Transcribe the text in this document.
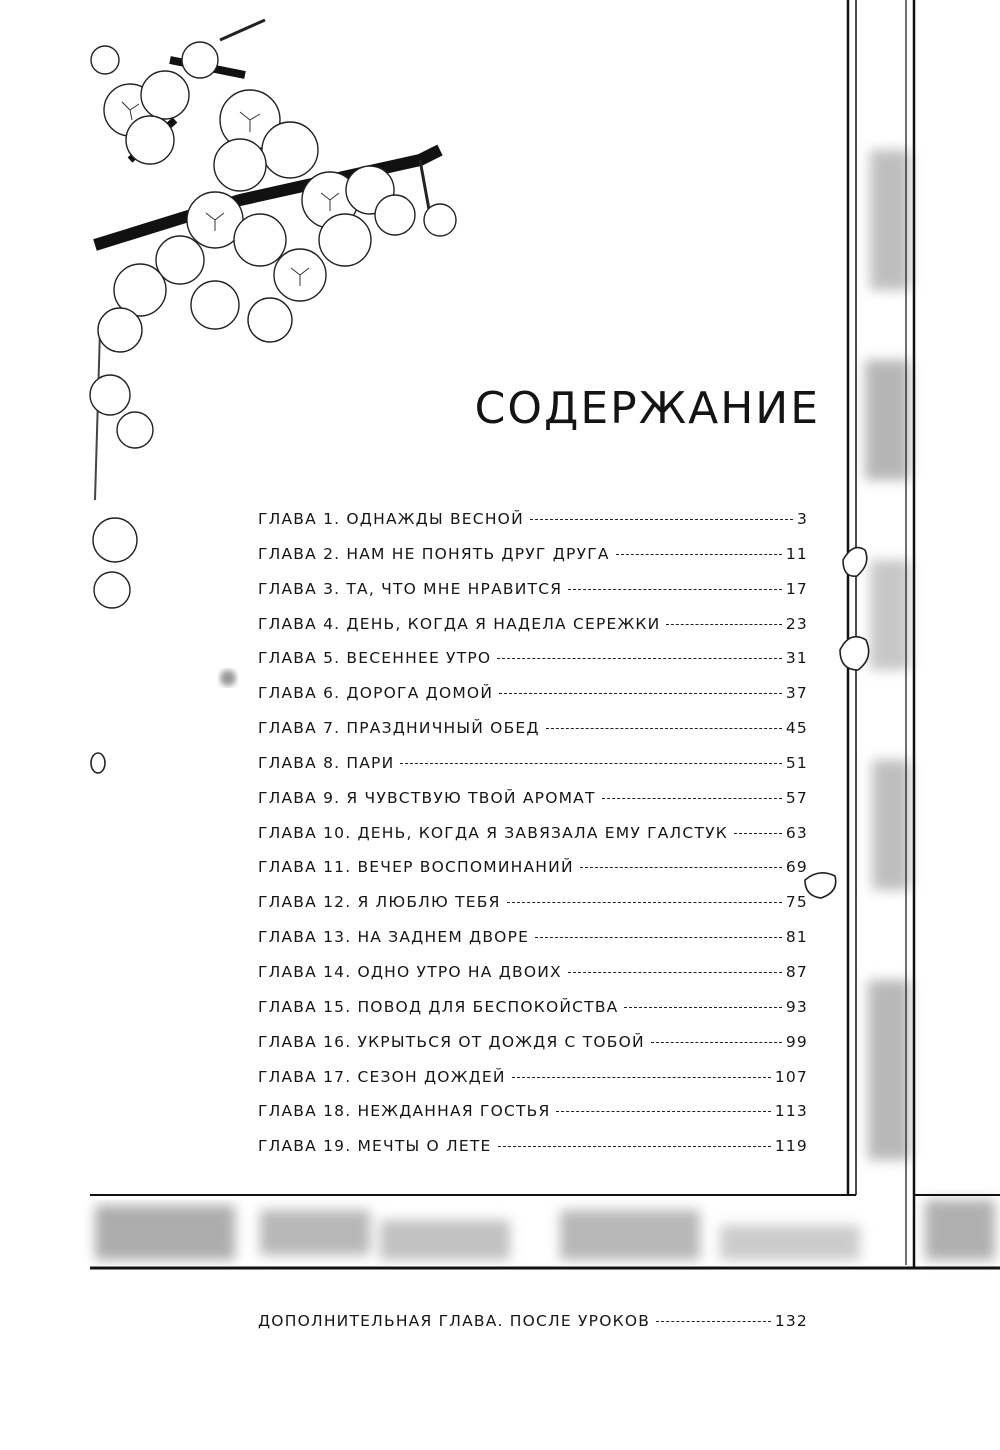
СОДЕРЖАНИЕ
ГЛАВА 1. ОДНАЖДЫ ВЕСНОЙ	3
ГЛАВА 2. НАМ НЕ ПОНЯТЬ ДРУГ ДРУГА	11
ГЛАВА 3. ТА, ЧТО МНЕ НРАВИТСЯ	17
ГЛАВА 4. ДЕНЬ, КОГДА Я НАДЕЛА СЕРЕЖКИ	23
ГЛАВА 5. ВЕСЕННЕЕ УТРО	31
ГЛАВА 6. ДОРОГА ДОМОЙ	37
ГЛАВА 7. ПРАЗДНИЧНЫЙ ОБЕД	45
ГЛАВА 8. ПАРИ	51
ГЛАВА 9. Я ЧУВСТВУЮ ТВОЙ АРОМАТ	57
ГЛАВА 10. ДЕНЬ, КОГДА Я ЗАВЯЗАЛА ЕМУ ГАЛСТУК	63
ГЛАВА 11. ВЕЧЕР ВОСПОМИНАНИЙ	69
ГЛАВА 12. Я ЛЮБЛЮ ТЕБЯ	75
ГЛАВА 13. НА ЗАДНЕМ ДВОРЕ	81
ГЛАВА 14. ОДНО УТРО НА ДВОИХ	87
ГЛАВА 15. ПОВОД ДЛЯ БЕСПОКОЙСТВА	93
ГЛАВА 16. УКРЫТЬСЯ ОТ ДОЖДЯ С ТОБОЙ	99
ГЛАВА 17. СЕЗОН ДОЖДЕЙ	107
ГЛАВА 18. НЕЖДАННАЯ ГОСТЬЯ	113
ГЛАВА 19. МЕЧТЫ О ЛЕТЕ	119
ДОПОЛНИТЕЛЬНАЯ ГЛАВА. ПОСЛЕ УРОКОВ	132
